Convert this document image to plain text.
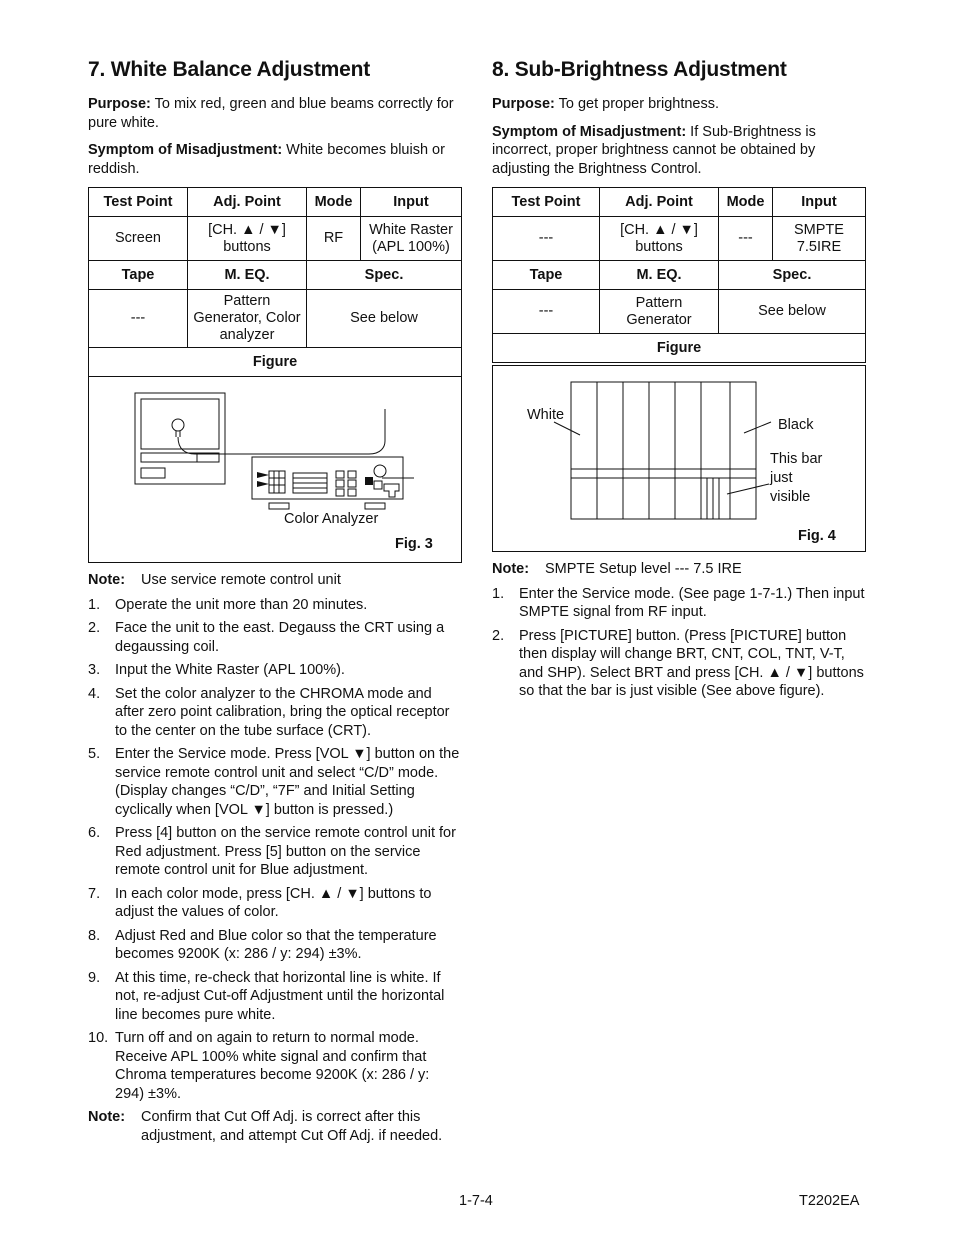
7. White Balance Adjustment

Purpose: To mix red, green and blue beams correctly for pure white.

Symptom of Misadjustment: White becomes bluish or reddish.

Test Point	Adj. Point	Mode	Input
Screen	[CH. ▲ / ▼] buttons	RF	White Raster (APL 100%)
Tape	M. EQ.	Spec.	
---	Pattern Generator, Color analyzer	See below	
Figure			
Color Analyzer
Fig. 3
Note:	Use service remote control unit
1.	Operate the unit more than 20 minutes.
2.	Face the unit to the east. Degauss the CRT using a degaussing coil.
3.	Input the White Raster (APL 100%).
4.	Set the color analyzer to the CHROMA mode and after zero point calibration, bring the optical receptor to the center on the tube surface (CRT).
5.	Enter the Service mode. Press [VOL ▼] button on the service remote control unit and select “C/D” mode. (Display changes “C/D”, “7F” and Initial Setting cyclically when [VOL ▼] button is pressed.)
6.	Press [4] button on the service remote control unit for Red adjustment. Press [5] button on the service remote control unit for Blue adjustment.
7.	In each color mode, press [CH. ▲ / ▼] buttons to adjust the values of color.
8.	Adjust Red and Blue color so that the temperature becomes 9200K (x: 286 / y: 294) ±3%.
9.	At this time, re-check that horizontal line is white. If not, re-adjust Cut-off Adjustment until the horizontal line becomes pure white.
10. Turn off and on again to return to normal mode. Receive APL 100% white signal and confirm that Chroma temperatures become 9200K (x: 286 / y: 294) ±3%.
Note:	Confirm that Cut Off Adj. is correct after this adjustment, and attempt Cut Off Adj. if needed.
8. Sub-Brightness Adjustment

Purpose: To get proper brightness.

Symptom of Misadjustment: If Sub-Brightness is incorrect, proper brightness cannot be obtained by adjusting the Brightness Control.

Test Point	Adj. Point	Mode	Input
---	[CH. ▲ / ▼] buttons	---	SMPTE 7.5IRE
Tape	M. EQ.	Spec.	
---	Pattern Generator	See below	
Figure			
White
Black
This bar
just
visible
Fig. 4
Note:	SMPTE Setup level --- 7.5 IRE
1.	Enter the Service mode. (See page 1-7-1.) Then input SMPTE signal from RF input.
2.	Press [PICTURE] button. (Press [PICTURE] button then display will change BRT, CNT, COL, TNT, V-T, and SHP). Select BRT and press [CH. ▲ / ▼] buttons so that the bar is just visible (See above figure).
1-7-4	T2202EA
